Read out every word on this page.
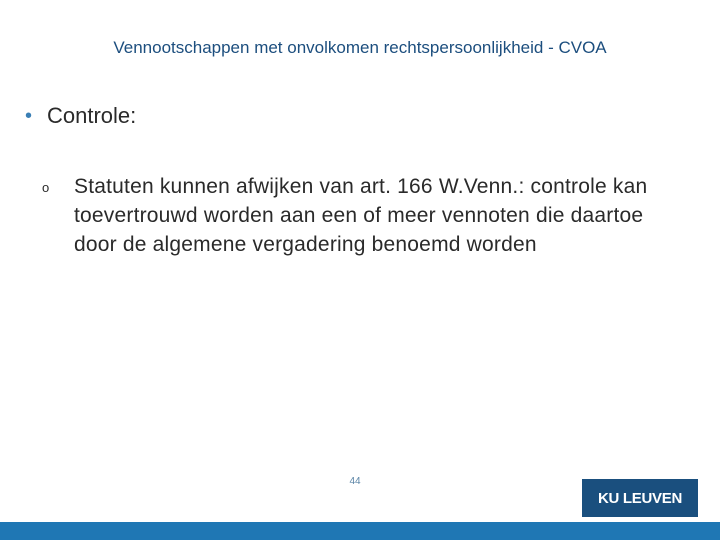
Vennootschappen met onvolkomen rechtspersoonlijkheid - CVOA
• Controle:
o	Statuten kunnen afwijken van art. 166 W.Venn.: controle kan toevertrouwd worden aan een of meer vennoten die daartoe door de algemene vergadering benoemd worden
44
KU LEUVEN
